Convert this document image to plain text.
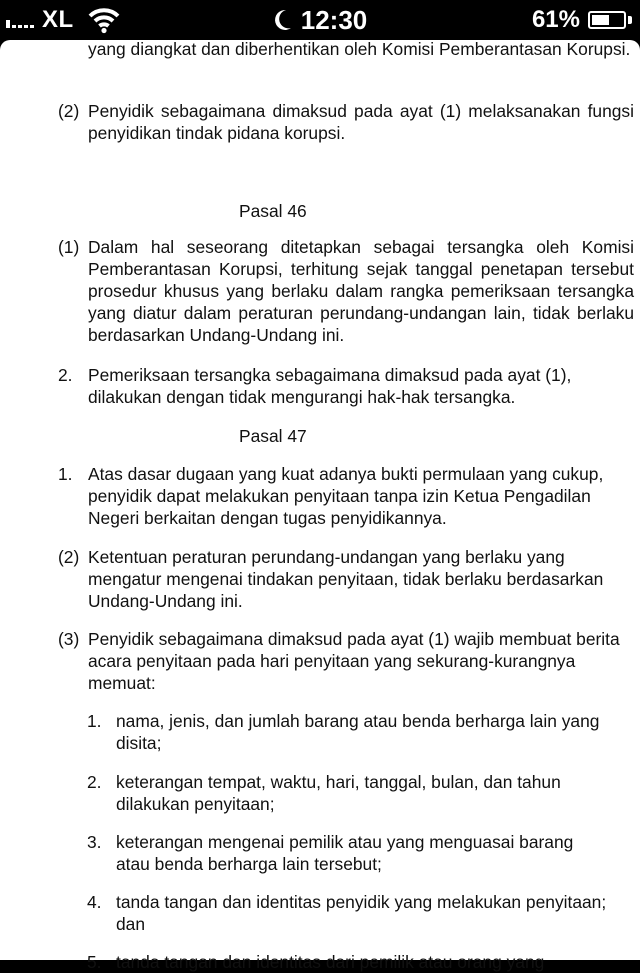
XL	12:30	61%
yang diangkat dan diberhentikan oleh Komisi Pemberantasan Korupsi.
(2) Penyidik sebagaimana dimaksud pada ayat (1) melaksanakan fungsi penyidikan tindak pidana korupsi.
Pasal 46
(1) Dalam hal seseorang ditetapkan sebagai tersangka oleh Komisi Pemberantasan Korupsi, terhitung sejak tanggal penetapan tersebut prosedur khusus yang berlaku dalam rangka pemeriksaan tersangka yang diatur dalam peraturan perundang-undangan lain, tidak berlaku berdasarkan Undang-Undang ini.
2. Pemeriksaan tersangka sebagaimana dimaksud pada ayat (1), dilakukan dengan tidak mengurangi hak-hak tersangka.
Pasal 47
1. Atas dasar dugaan yang kuat adanya bukti permulaan yang cukup, penyidik dapat melakukan penyitaan tanpa izin Ketua Pengadilan Negeri berkaitan dengan tugas penyidikannya.
(2) Ketentuan peraturan perundang-undangan yang berlaku yang mengatur mengenai tindakan penyitaan, tidak berlaku berdasarkan Undang-Undang ini.
(3) Penyidik sebagaimana dimaksud pada ayat (1) wajib membuat berita acara penyitaan pada hari penyitaan yang sekurang-kurangnya memuat:
1. nama, jenis, dan jumlah barang atau benda berharga lain yang disita;
2. keterangan tempat, waktu, hari, tanggal, bulan, dan tahun dilakukan penyitaan;
3. keterangan mengenai pemilik atau yang menguasai barang atau benda berharga lain tersebut;
4. tanda tangan dan identitas penyidik yang melakukan penyitaan; dan
5. tanda tangan dan identitas dari pemilik atau orang yang
